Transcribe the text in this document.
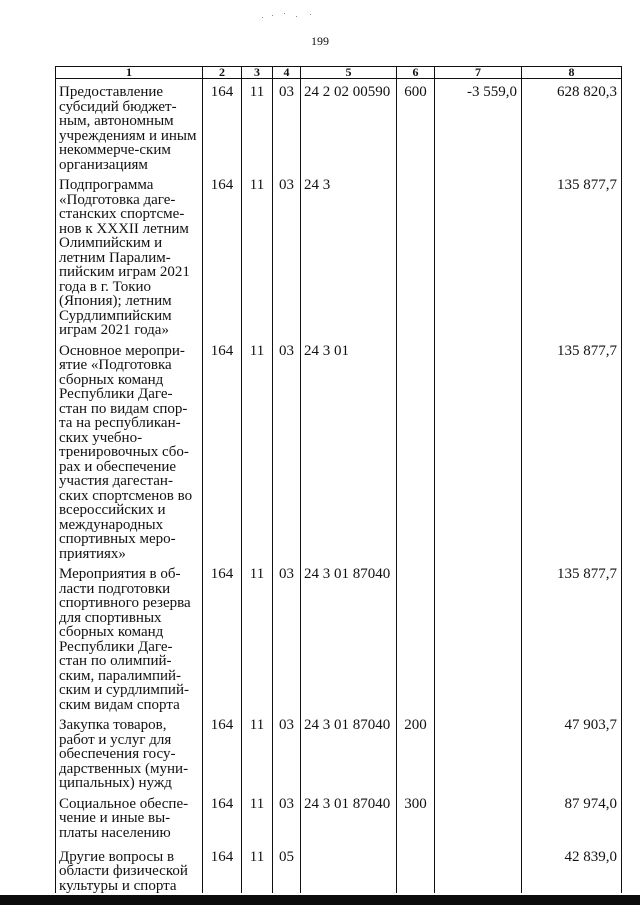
199
1	2	3	4	5	6	7	8
Предоставление субсидий бюджет-ным, автономным учреждениям и иным некоммерче-ским организациям	164	11	03	24 2 02 00590	600	-3 559,0	628 820,3
Подпрограмма «Подготовка даге-станских спортсме-нов к XXXII летним Олимпийским и летним Паралим-пийским играм 2021 года в г. Токио (Япония); летним Сурдлимпийским играм 2021 года»	164	11	03	24 3			135 877,7
Основное меропри-ятие «Подготовка сборных команд Республики Даге-стан по видам спор-та на республикан-ских учебно-тренировочных сбо-рах и обеспечение участия дагестан-ских спортсменов во всероссийских и международных спортивных меро-приятиях»	164	11	03	24 3 01			135 877,7
Мероприятия в об-ласти подготовки спортивного резерва для спортивных сборных команд Республики Даге-стан по олимпий-ским, паралимпий-ским и сурдлимпий-ским видам спорта	164	11	03	24 3 01 87040			135 877,7
Закупка товаров, работ и услуг для обеспечения госу-дарственных (муни-ципальных) нужд	164	11	03	24 3 01 87040	200		47 903,7
Социальное обеспе-чение и иные вы-платы населению	164	11	03	24 3 01 87040	300		87 974,0
Другие вопросы в области физической культуры и спорта	164	11	05				42 839,0
